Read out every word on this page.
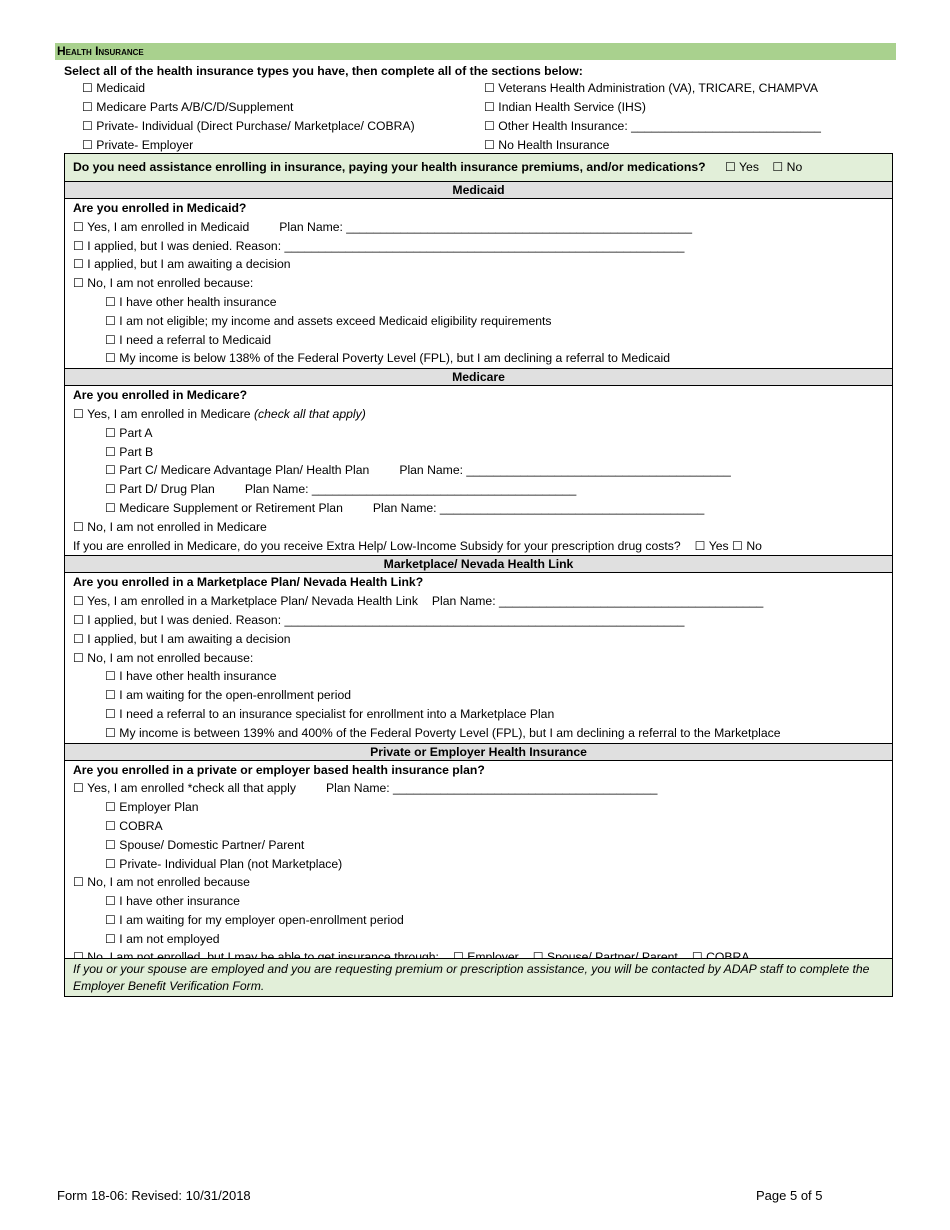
Health Insurance
Select all of the health insurance types you have, then complete all of the sections below:
☐ Medicaid
☐ Medicare Parts A/B/C/D/Supplement
☐ Private- Individual (Direct Purchase/ Marketplace/ COBRA)
☐ Private- Employer
☐ Veterans Health Administration (VA), TRICARE, CHAMPVA
☐ Indian Health Service (IHS)
☐ Other Health Insurance: ____________________________
☐ No Health Insurance
Do you need assistance enrolling in insurance, paying your health insurance premiums, and/or medications? ☐ Yes ☐ No
Medicaid
Are you enrolled in Medicaid?
☐ Yes, I am enrolled in Medicaid Plan Name: ___________________________________________________
☐ I applied, but I was denied. Reason: ___________________________________________________________
☐ I applied, but I am awaiting a decision
☐ No, I am not enrolled because:
☐ I have other health insurance
☐ I am not eligible; my income and assets exceed Medicaid eligibility requirements
☐ I need a referral to Medicaid
☐ My income is below 138% of the Federal Poverty Level (FPL), but I am declining a referral to Medicaid
Medicare
Are you enrolled in Medicare?
☐ Yes, I am enrolled in Medicare (check all that apply)
☐ Part A
☐ Part B
☐ Part C/ Medicare Advantage Plan/ Health Plan Plan Name: _______________________________________
☐ Part D/ Drug Plan Plan Name: _______________________________________
☐ Medicare Supplement or Retirement Plan Plan Name: _______________________________________
☐ No, I am not enrolled in Medicare
If you are enrolled in Medicare, do you receive Extra Help/ Low-Income Subsidy for your prescription drug costs? ☐ Yes ☐ No
Marketplace/ Nevada Health Link
Are you enrolled in a Marketplace Plan/ Nevada Health Link?
☐ Yes, I am enrolled in a Marketplace Plan/ Nevada Health Link Plan Name: _______________________________________
☐ I applied, but I was denied. Reason: ___________________________________________________________
☐ I applied, but I am awaiting a decision
☐ No, I am not enrolled because:
☐ I have other health insurance
☐ I am waiting for the open-enrollment period
☐ I need a referral to an insurance specialist for enrollment into a Marketplace Plan
☐ My income is between 139% and 400% of the Federal Poverty Level (FPL), but I am declining a referral to the Marketplace
Private or Employer Health Insurance
Are you enrolled in a private or employer based health insurance plan?
☐ Yes, I am enrolled *check all that apply Plan Name: _______________________________________
☐ Employer Plan
☐ COBRA
☐ Spouse/ Domestic Partner/ Parent
☐ Private- Individual Plan (not Marketplace)
☐ No, I am not enrolled because
☐ I have other insurance
☐ I am waiting for my employer open-enrollment period
☐ I am not employed
If you or your spouse are employed and you are requesting premium or prescription assistance, you will be contacted by ADAP staff to complete the Employer Benefit Verification Form.
Form 18-06: Revised: 10/31/2018	Page 5 of 5
